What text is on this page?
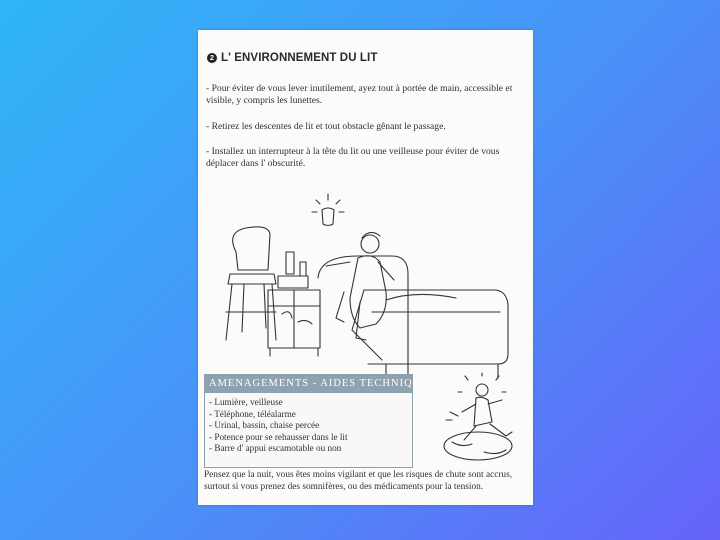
2 L' ENVIRONNEMENT DU LIT
- Pour éviter de vous lever inutilement, ayez tout à portée de main, accessible et visible, y compris les lunettes.
- Retirez les descentes de lit et tout obstacle gênant le passage.
- Installez un interrupteur à la tête du lit ou une veilleuse pour éviter de vous déplacer dans l' obscurité.
AMENAGEMENTS - AIDES TECHNIQUES
- Lumière, veilleuse
- Téléphone, téléalarme
- Urinal, bassin, chaise percée
- Potence pour se rehausser dans le lit
- Barre d' appui escamotable ou non
Pensez que la nuit, vous êtes moins vigilant et que les risques de chute sont accrus, surtout si vous prenez des somnifères, ou des médicaments pour la tension.
